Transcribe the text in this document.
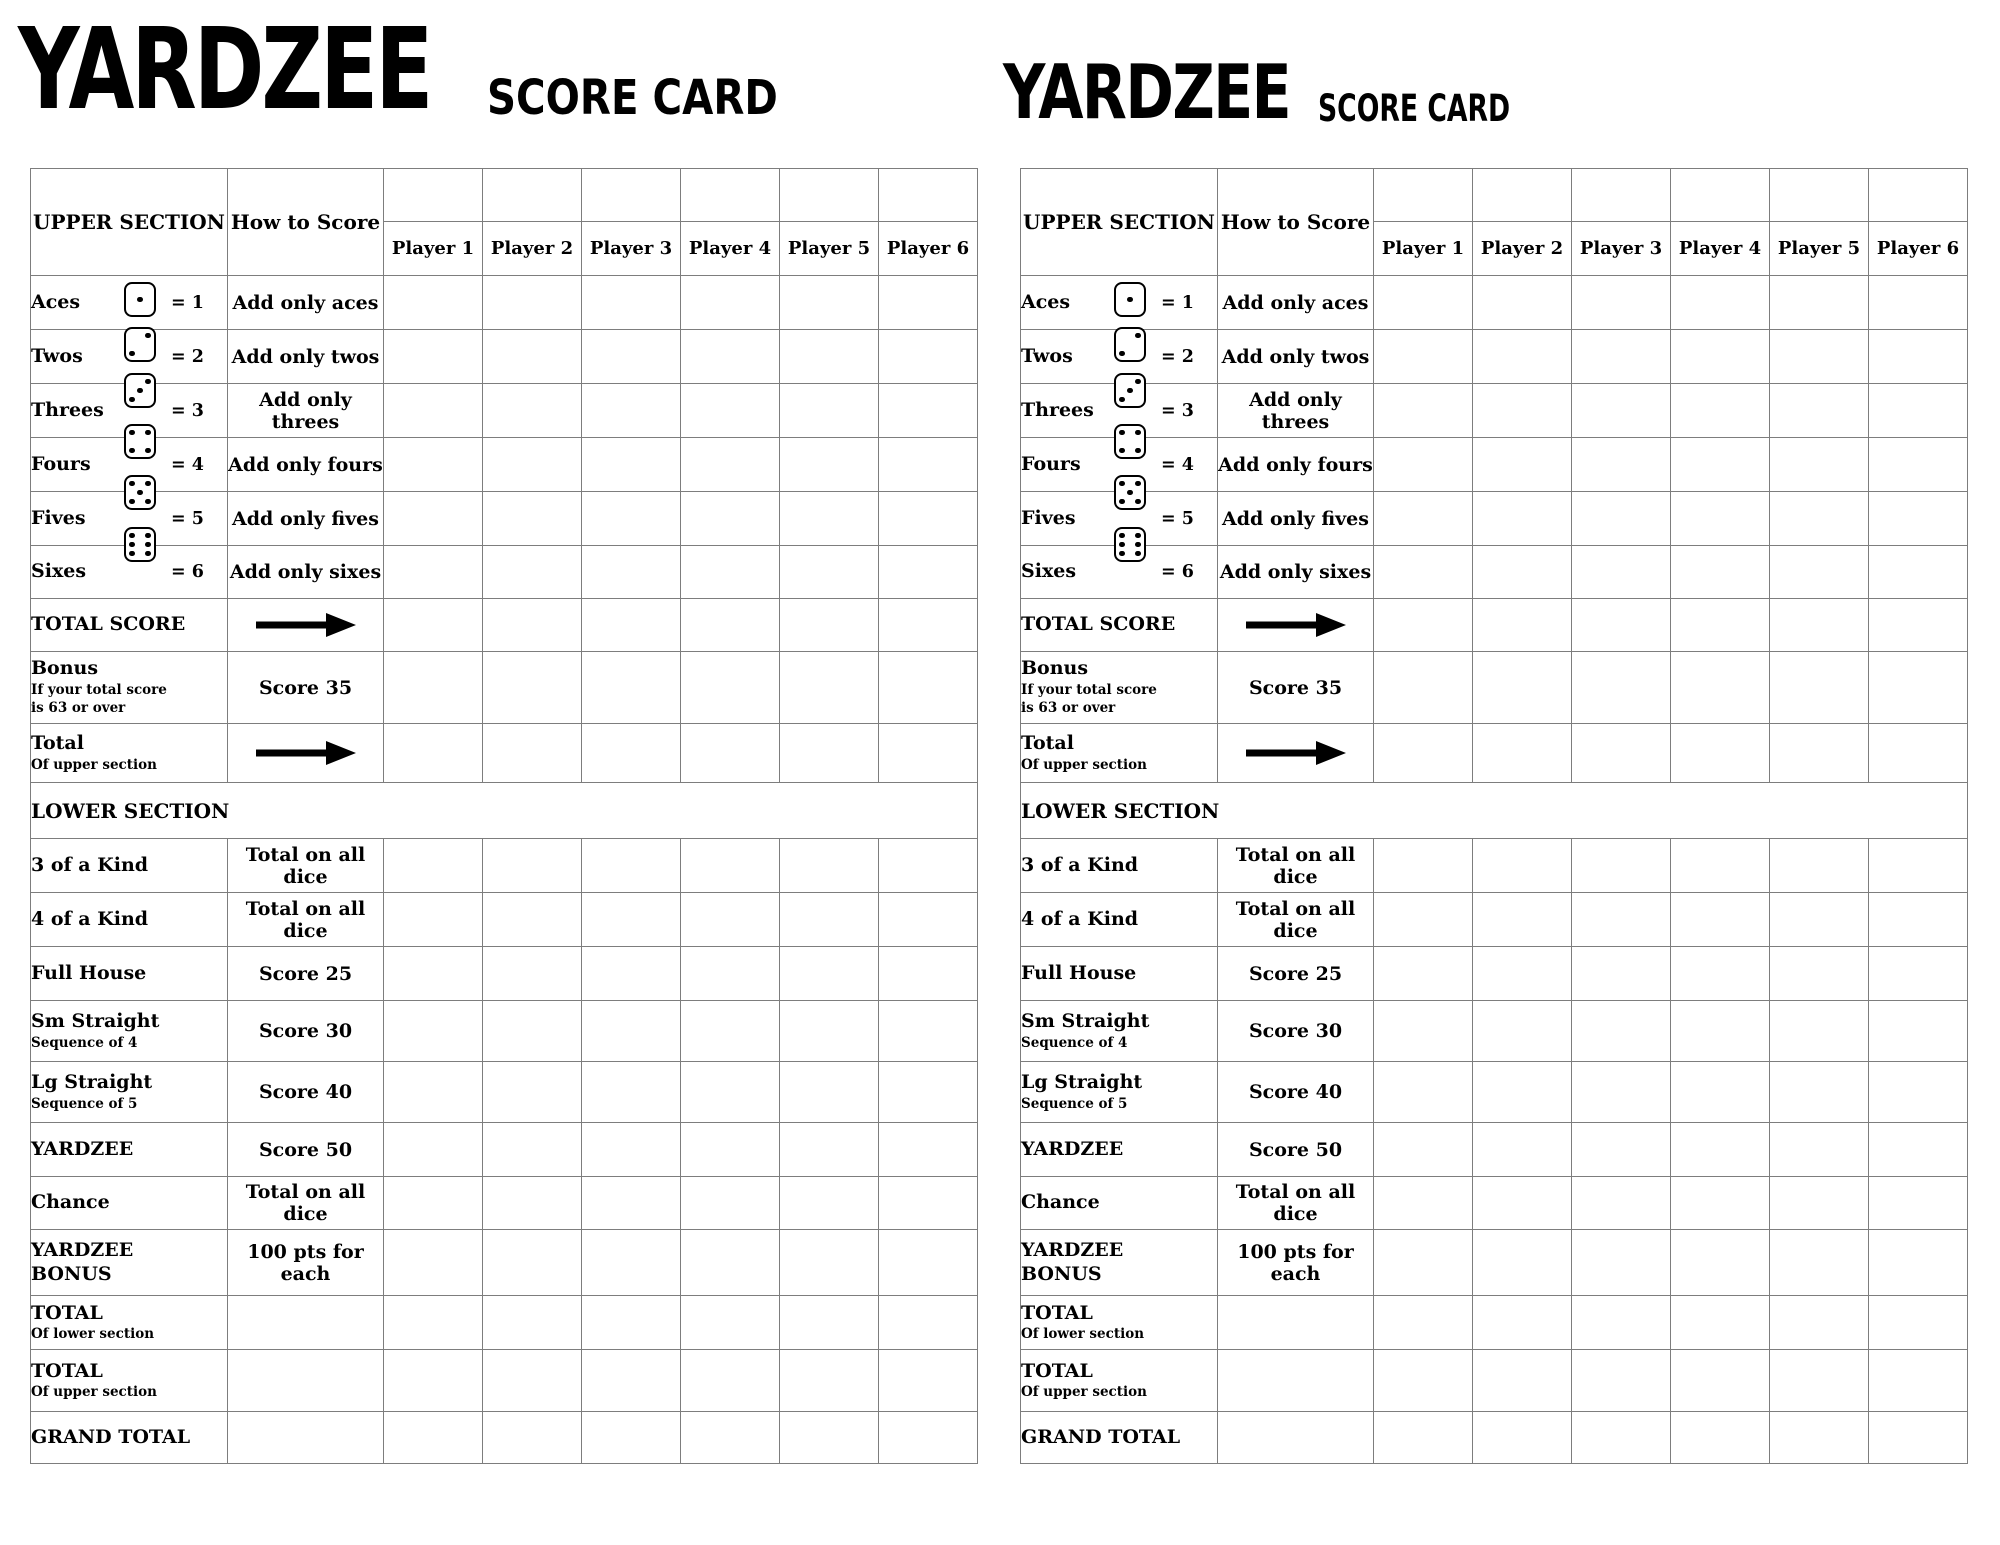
YARDZEE SCORE CARD
UPPER SECTION	How to Score						
		Player 1	Player 2	Player 3	Player 4	Player 5	Player 6

Aces = 1	Add only aces						

Twos = 2	Add only twos						

Threes = 3	Add only threes						

Fours = 4	Add only fours						

Fives = 5	Add only fives						

Sixes = 6	Add only sixes						

TOTAL SCORE

Bonus
If your total score
is 63 or over	Score 35						

Total
Of upper section

LOWER SECTION							

3 of a Kind	Total on all dice						

4 of a Kind	Total on all dice						

Full House	Score 25						

Sm Straight
Sequence of 4	Score 30						

Lg Straight
Sequence of 5	Score 40						

YARDZEE	Score 50						

Chance	Total on all dice						

YARDZEE
BONUS	100 pts for each						

TOTAL
Of lower section							

TOTAL
Of upper section							

GRAND TOTAL							

YARDZEE SCORE CARD
UPPER SECTION	How to Score						
		Player 1	Player 2	Player 3	Player 4	Player 5	Player 6

Aces = 1	Add only aces						

Twos = 2	Add only twos						

Threes = 3	Add only threes						

Fours = 4	Add only fours						

Fives = 5	Add only fives						

Sixes = 6	Add only sixes						

TOTAL SCORE

Bonus
If your total score
is 63 or over	Score 35						

Total
Of upper section

LOWER SECTION							

3 of a Kind	Total on all dice						

4 of a Kind	Total on all dice						

Full House	Score 25						

Sm Straight
Sequence of 4	Score 30						

Lg Straight
Sequence of 5	Score 40						

YARDZEE	Score 50						

Chance	Total on all dice						

YARDZEE
BONUS	100 pts for each						

TOTAL
Of lower section							

TOTAL
Of upper section							

GRAND TOTAL							
